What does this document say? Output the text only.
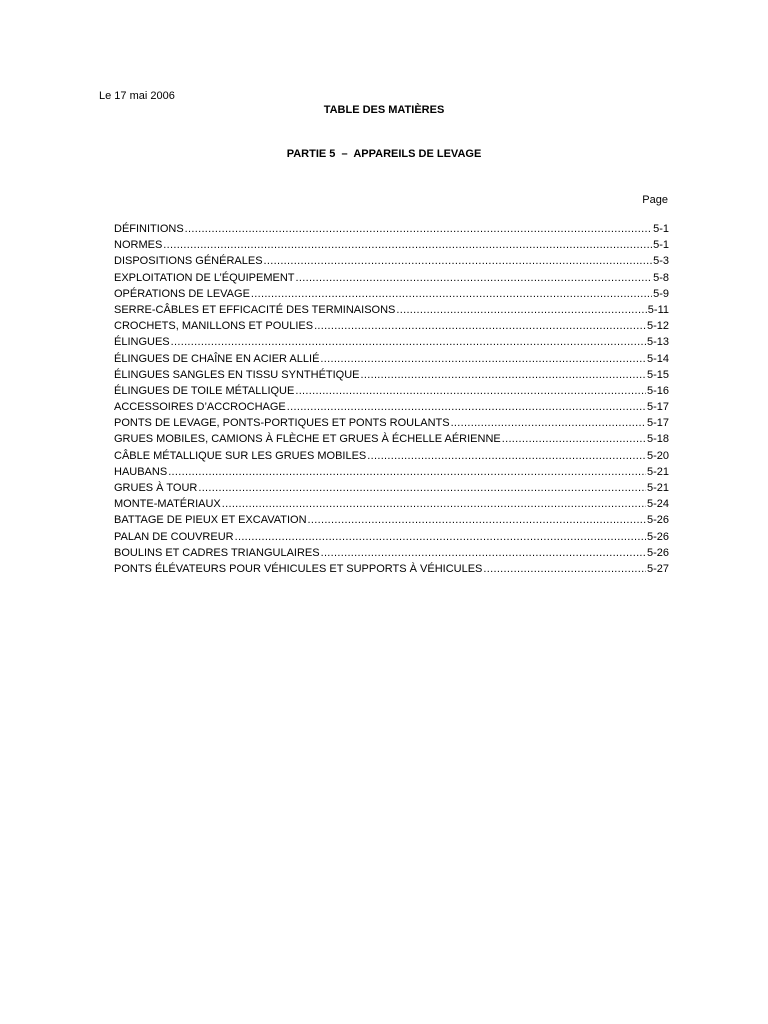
Le 17 mai 2006
TABLE DES MATIÈRES
PARTIE 5  –  APPAREILS DE LEVAGE
Page
DÉFINITIONS .....	5-1
NORMES .....	5-1
DISPOSITIONS GÉNÉRALES .....	5-3
EXPLOITATION DE L’ÉQUIPEMENT .....	5-8
OPÉRATIONS DE LEVAGE .....	5-9
SERRE-CÂBLES ET EFFICACITÉ DES TERMINAISONS .....	5-11
CROCHETS, MANILLONS ET POULIES .....	5-12
ÉLINGUES .....	5-13
ÉLINGUES DE CHAÎNE EN ACIER ALLIÉ .....	5-14
ÉLINGUES SANGLES EN TISSU SYNTHÉTIQUE .....	5-15
ÉLINGUES DE TOILE MÉTALLIQUE .....	5-16
ACCESSOIRES D’ACCROCHAGE .....	5-17
PONTS DE LEVAGE, PONTS-PORTIQUES ET PONTS ROULANTS .....	5-17
GRUES MOBILES, CAMIONS À FLÈCHE ET GRUES À ÉCHELLE AÉRIENNE .....	5-18
CÂBLE MÉTALLIQUE SUR LES GRUES MOBILES .....	5-20
HAUBANS .....	5-21
GRUES À TOUR .....	5-21
MONTE-MATÉRIAUX .....	5-24
BATTAGE DE PIEUX ET EXCAVATION .....	5-26
PALAN DE COUVREUR .....	5-26
BOULINS ET CADRES TRIANGULAIRES .....	5-26
PONTS ÉLÉVATEURS POUR VÉHICULES ET SUPPORTS À VÉHICULES .....	5-27
